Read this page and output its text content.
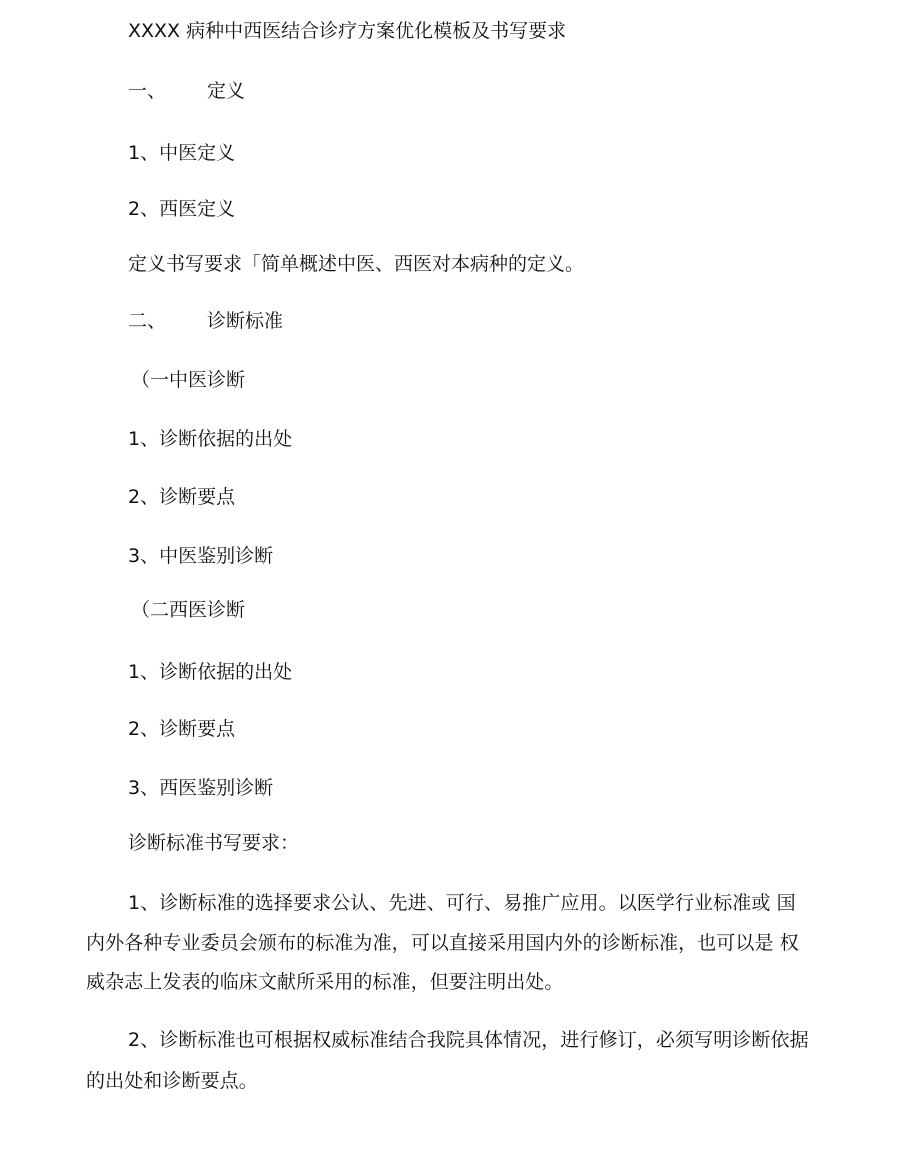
XXXX 病种中西医结合诊疗方案优化模板及书写要求
一、 定义
1、中医定义
2、西医定义
定义书写要求「简单概述中医、西医对本病种的定义。
二、 诊断标准
（一中医诊断
1、诊断依据的出处
2、诊断要点
3、中医鉴别诊断
（二西医诊断
1、诊断依据的出处
2、诊断要点
3、西医鉴别诊断
诊断标准书写要求：
1、诊断标准的选择要求公认、先进、可行、易推广应用。以医学行业标准或 国
内外各种专业委员会颁布的标准为准，可以直接采用国内外的诊断标准，也可以是 权
威杂志上发表的临床文献所采用的标准，但要注明出处。
2、诊断标准也可根据权威标准结合我院具体情况，进行修订，必须写明诊断依据
的出处和诊断要点。
